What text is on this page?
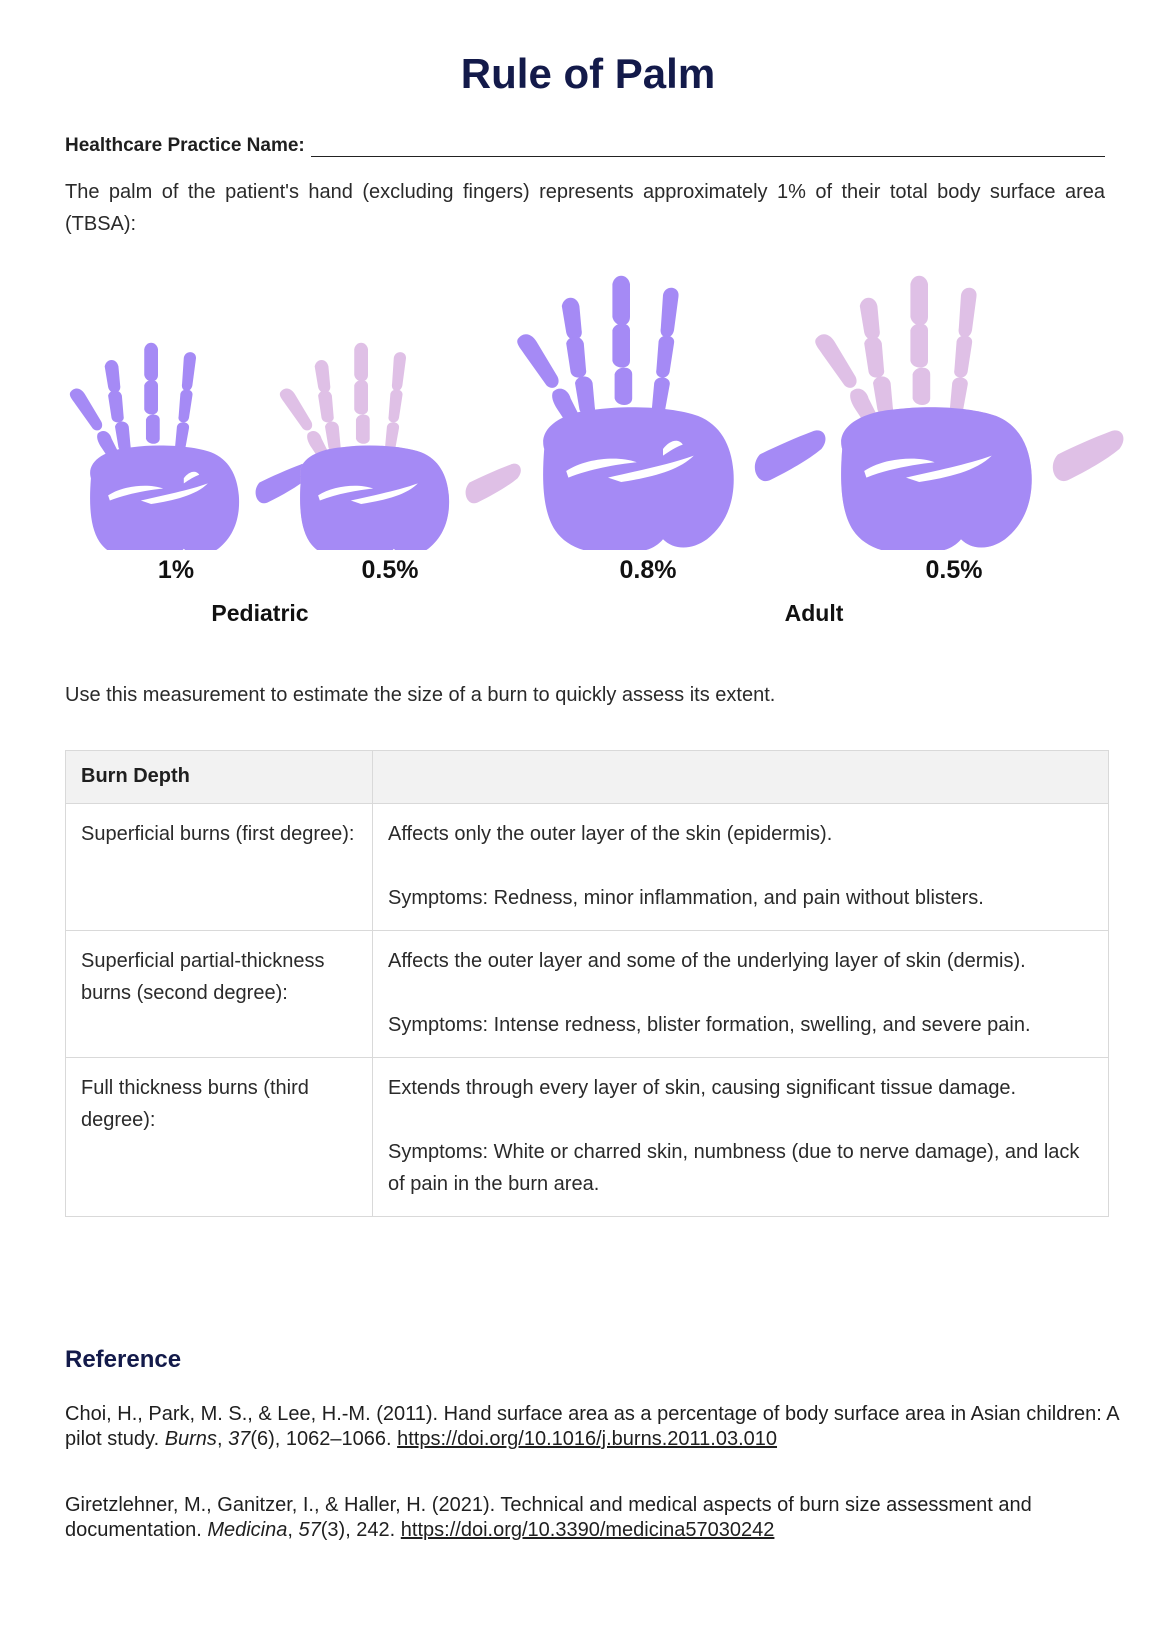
Rule of Palm
Healthcare Practice Name:

The palm of the patient's hand (excluding fingers) represents approximately 1% of their total body surface area (TBSA):

1%	0.5%	0.8%	0.5%
Pediatric	Adult

Use this measurement to estimate the size of a burn to quickly assess its extent.

Burn Depth	
Superficial burns (first degree):	Affects only the outer layer of the skin (epidermis).

Symptoms: Redness, minor inflammation, and pain without blisters.

Superficial partial-thickness burns (second degree):	Affects the outer layer and some of the underlying layer of skin (dermis).

Symptoms: Intense redness, blister formation, swelling, and severe pain.

Full thickness burns (third degree):	Extends through every layer of skin, causing significant tissue damage.

Symptoms: White or charred skin, numbness (due to nerve damage), and lack of pain in the burn area.

Reference

Choi, H., Park, M. S., & Lee, H.-M. (2011). Hand surface area as a percentage of body surface area in Asian children: A pilot study. Burns, 37(6), 1062–1066. https://doi.org/10.1016/j.burns.2011.03.010

Giretzlehner, M., Ganitzer, I., & Haller, H. (2021). Technical and medical aspects of burn size assessment and documentation. Medicina, 57(3), 242. https://doi.org/10.3390/medicina57030242
